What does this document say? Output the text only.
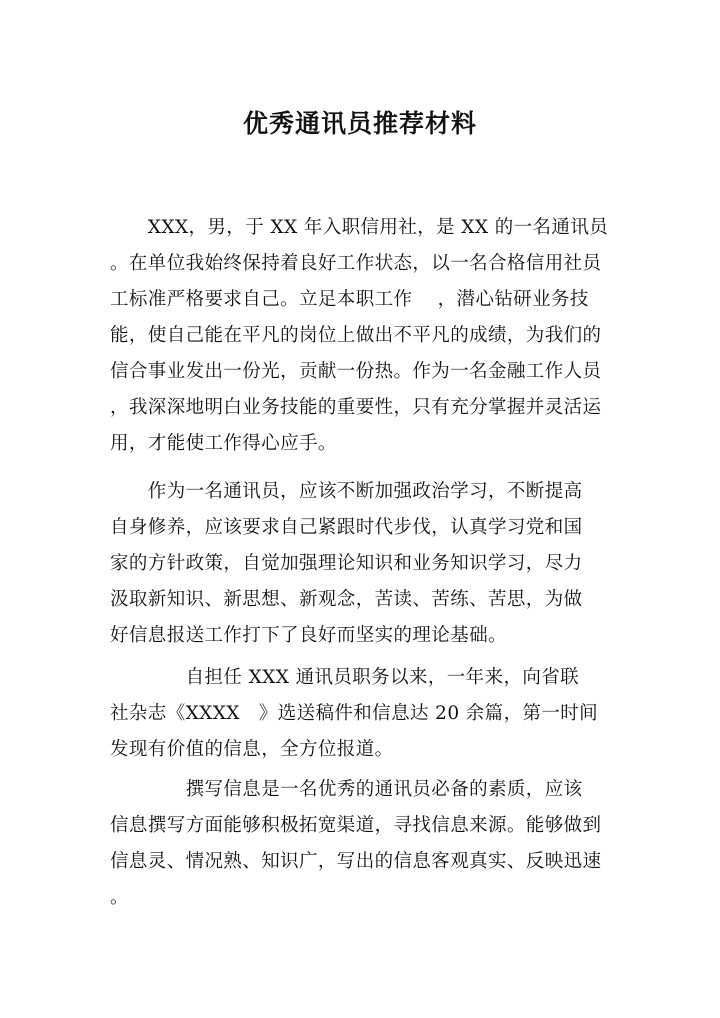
优秀通讯员推荐材料
　　XXX，男，于 XX 年入职信用社，是 XX 的一名通讯员
。在单位我始终保持着良好工作状态，以一名合格信用社员
工标准严格要求自己。立足本职工作　 ，潜心钻研业务技
能，使自己能在平凡的岗位上做出不平凡的成绩，为我们的
信合事业发出一份光，贡献一份热。作为一名金融工作人员
，我深深地明白业务技能的重要性，只有充分掌握并灵活运
用，才能使工作得心应手。
　　作为一名通讯员，应该不断加强政治学习，不断提高
自身修养，应该要求自己紧跟时代步伐，认真学习党和国
家的方针政策，自觉加强理论知识和业务知识学习，尽力
汲取新知识、新思想、新观念，苦读、苦练、苦思，为做
好信息报送工作打下了良好而坚实的理论基础。
　　　　自担任 XXX 通讯员职务以来，一年来，向省联
社杂志《XXXX　》选送稿件和信息达 20 余篇，第一时间
发现有价值的信息，全方位报道。
　　　　撰写信息是一名优秀的通讯员必备的素质，应该
信息撰写方面能够积极拓宽渠道，寻找信息来源。能够做到
信息灵、情况熟、知识广，写出的信息客观真实、反映迅速
。
